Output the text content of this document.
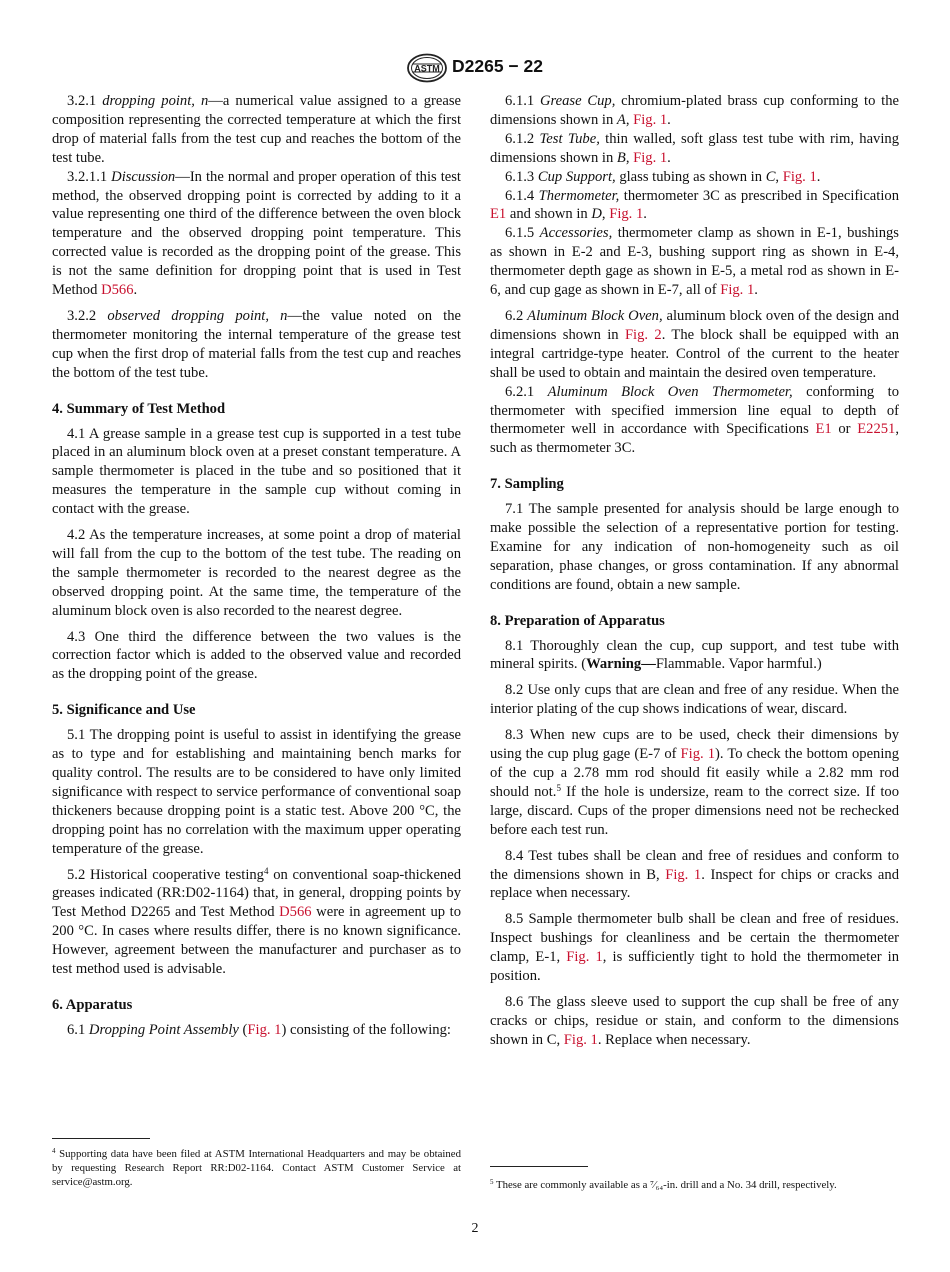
ASTM D2265 − 22

3.2.1 dropping point, n—a numerical value assigned to a grease composition representing the corrected temperature at which the first drop of material falls from the test cup and reaches the bottom of the test tube.

3.2.1.1 Discussion—In the normal and proper operation of this test method, the observed dropping point is corrected by adding to it a value representing one third of the difference between the oven block temperature and the observed dropping point temperature. This corrected value is recorded as the dropping point of the grease. This is not the same definition for dropping point that is used in Test Method D566.

3.2.2 observed dropping point, n—the value noted on the thermometer monitoring the internal temperature of the grease test cup when the first drop of material falls from the test cup and reaches the bottom of the test tube.

4. Summary of Test Method

4.1 A grease sample in a grease test cup is supported in a test tube placed in an aluminum block oven at a preset constant temperature. A sample thermometer is placed in the tube and so positioned that it measures the temperature in the sample cup without coming in contact with the grease.

4.2 As the temperature increases, at some point a drop of material will fall from the cup to the bottom of the test tube. The reading on the sample thermometer is recorded to the nearest degree as the observed dropping point. At the same time, the temperature of the aluminum block oven is also recorded to the nearest degree.

4.3 One third the difference between the two values is the correction factor which is added to the observed value and recorded as the dropping point of the grease.

5. Significance and Use

5.1 The dropping point is useful to assist in identifying the grease as to type and for establishing and maintaining bench marks for quality control. The results are to be considered to have only limited significance with respect to service performance of conventional soap thickeners because dropping point is a static test. Above 200 °C, the dropping point has no correlation with the maximum upper operating temperature of the grease.

5.2 Historical cooperative testing$^4$ on conventional soap-thickened greases indicated (RR:D02-1164) that, in general, dropping points by Test Method D2265 and Test Method D566 were in agreement up to 200 °C. In cases where results differ, there is no known significance. However, agreement between the manufacturer and purchaser as to test method used is advisable.

6. Apparatus

6.1 Dropping Point Assembly (Fig. 1) consisting of the following:

6.1.1 Grease Cup, chromium-plated brass cup conforming to the dimensions shown in A, Fig. 1.

6.1.2 Test Tube, thin walled, soft glass test tube with rim, having dimensions shown in B, Fig. 1.

6.1.3 Cup Support, glass tubing as shown in C, Fig. 1.

6.1.4 Thermometer, thermometer 3C as prescribed in Specification E1 and shown in D, Fig. 1.

6.1.5 Accessories, thermometer clamp as shown in E-1, bushings as shown in E-2 and E-3, bushing support ring as shown in E-4, thermometer depth gage as shown in E-5, a metal rod as shown in E-6, and cup gage as shown in E-7, all of Fig. 1.

6.2 Aluminum Block Oven, aluminum block oven of the design and dimensions shown in Fig. 2. The block shall be equipped with an integral cartridge-type heater. Control of the current to the heater shall be used to obtain and maintain the desired oven temperature.

6.2.1 Aluminum Block Oven Thermometer, conforming to thermometer with specified immersion line equal to depth of thermometer well in accordance with Specifications E1 or E2251, such as thermometer 3C.

7. Sampling

7.1 The sample presented for analysis should be large enough to make possible the selection of a representative portion for testing. Examine for any indication of non-homogeneity such as oil separation, phase changes, or gross contamination. If any abnormal conditions are found, obtain a new sample.

8. Preparation of Apparatus

8.1 Thoroughly clean the cup, cup support, and test tube with mineral spirits. (Warning—Flammable. Vapor harmful.)

8.2 Use only cups that are clean and free of any residue. When the interior plating of the cup shows indications of wear, discard.

8.3 When new cups are to be used, check their dimensions by using the cup plug gage (E-7 of Fig. 1). To check the bottom opening of the cup a 2.78 mm rod should fit easily while a 2.82 mm rod should not.$^5$ If the hole is undersize, ream to the correct size. If too large, discard. Cups of the proper dimensions need not be rechecked before each test run.

8.4 Test tubes shall be clean and free of residues and conform to the dimensions shown in B, Fig. 1. Inspect for chips or cracks and replace when necessary.

8.5 Sample thermometer bulb shall be clean and free of residues. Inspect bushings for cleanliness and be certain the thermometer clamp, E-1, Fig. 1, is sufficiently tight to hold the thermometer in position.

8.6 The glass sleeve used to support the cup shall be free of any cracks or chips, residue or stain, and conform to the dimensions shown in C, Fig. 1. Replace when necessary.

$^4$ Supporting data have been filed at ASTM International Headquarters and may be obtained by requesting Research Report RR:D02-1164. Contact ASTM Customer Service at service@astm.org.	$^5$ These are commonly available as a ⁷⁄₆₄-in. drill and a No. 34 drill, respectively.
2
